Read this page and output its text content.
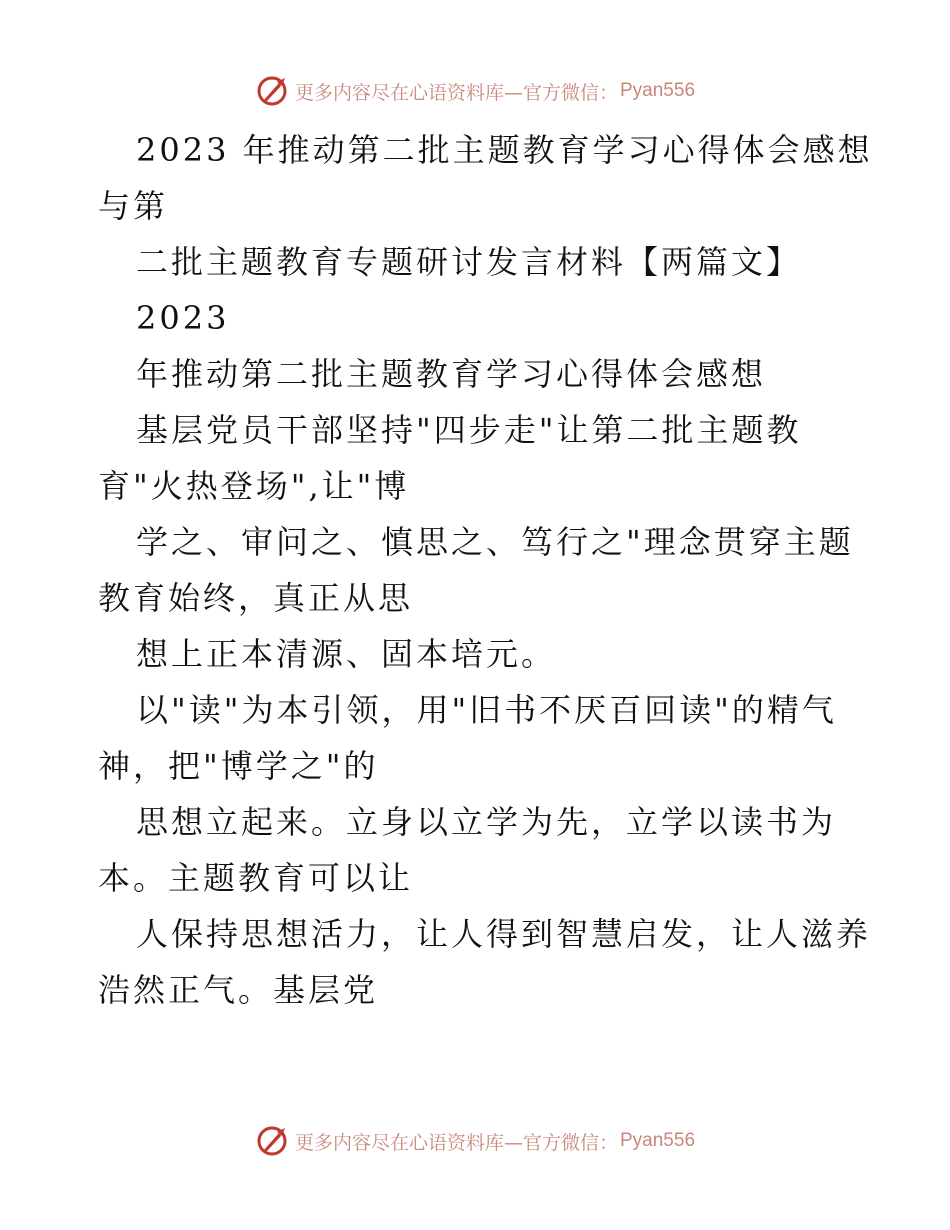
更多内容尽在心语资料库—官方微信： Pyan556
2023 年推动第二批主题教育学习心得体会感想
与第
二批主题教育专题研讨发言材料【两篇文】
2023
年推动第二批主题教育学习心得体会感想
基层党员干部坚持"四步走"让第二批主题教
育"火热登场",让"博
学之、审问之、慎思之、笃行之"理念贯穿主题
教育始终，真正从思
想上正本清源、固本培元。
以"读"为本引领，用"旧书不厌百回读"的精气
神，把"博学之"的
思想立起来。立身以立学为先，立学以读书为
本。主题教育可以让
人保持思想活力，让人得到智慧启发，让人滋养
浩然正气。基层党
更多内容尽在心语资料库—官方微信： Pyan556
